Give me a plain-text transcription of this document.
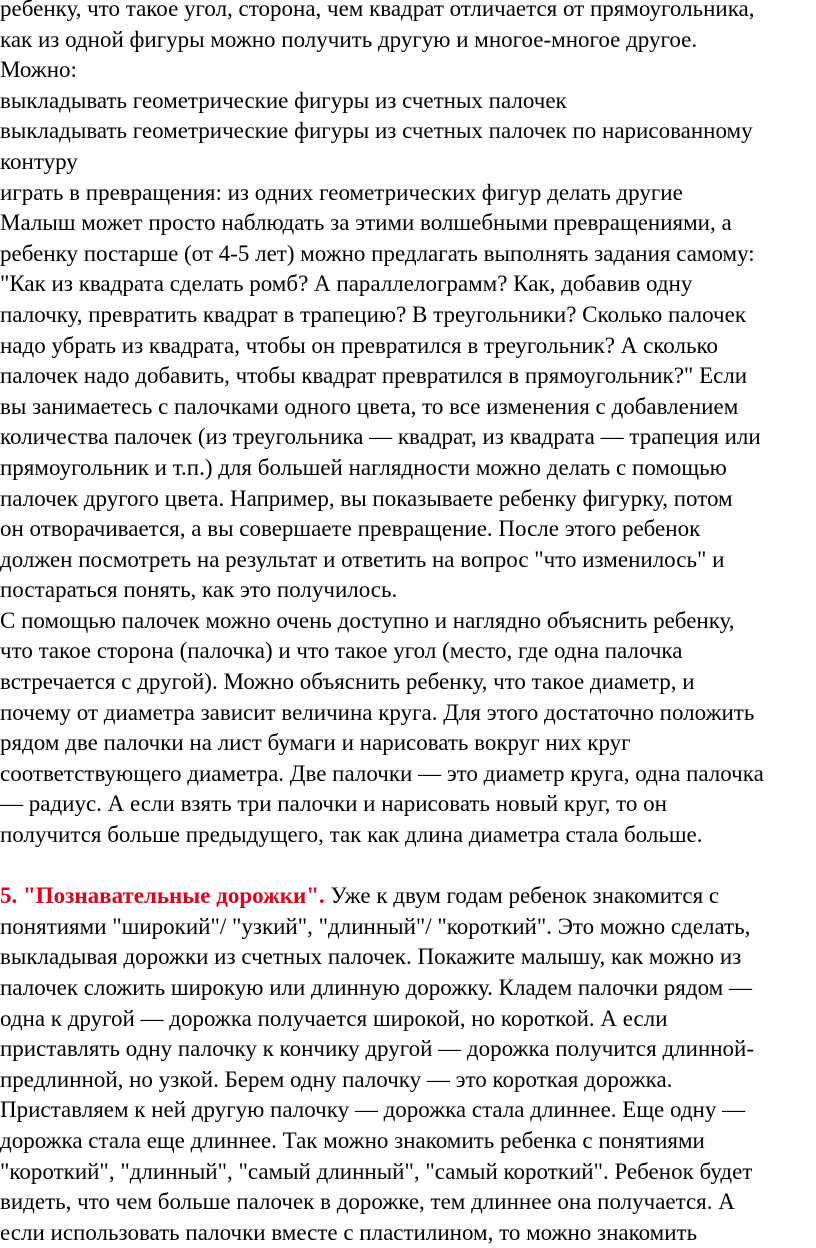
ребенку, что такое угол, сторона, чем квадрат отличается от прямоугольника,
как из одной фигуры можно получить другую и многое-многое другое.
Можно:
выкладывать геометрические фигуры из счетных палочек
выкладывать геометрические фигуры из счетных палочек по нарисованному
контуру
играть в превращения: из одних геометрических фигур делать другие
Малыш может просто наблюдать за этими волшебными превращениями, а
ребенку постарше (от 4-5 лет) можно предлагать выполнять задания самому:
"Как из квадрата сделать ромб? А параллелограмм? Как, добавив одну
палочку, превратить квадрат в трапецию? В треугольники? Сколько палочек
надо убрать из квадрата, чтобы он превратился в треугольник? А сколько
палочек надо добавить, чтобы квадрат превратился в прямоугольник?" Если
вы занимаетесь с палочками одного цвета, то все изменения с добавлением
количества палочек (из треугольника — квадрат, из квадрата — трапеция или
прямоугольник и т.п.) для большей наглядности можно делать с помощью
палочек другого цвета. Например, вы показываете ребенку фигурку, потом
он отворачивается, а вы совершаете превращение. После этого ребенок
должен посмотреть на результат и ответить на вопрос "что изменилось" и
постараться понять, как это получилось.
С помощью палочек можно очень доступно и наглядно объяснить ребенку,
что такое сторона (палочка) и что такое угол (место, где одна палочка
встречается с другой). Можно объяснить ребенку, что такое диаметр, и
почему от диаметра зависит величина круга. Для этого достаточно положить
рядом две палочки на лист бумаги и нарисовать вокруг них круг
соответствующего диаметра. Две палочки — это диаметр круга, одна палочка
— радиус. А если взять три палочки и нарисовать новый круг, то он
получится больше предыдущего, так как длина диаметра стала больше.
5. "Познавательные дорожки". Уже к двум годам ребенок знакомится с
понятиями "широкий"/ "узкий", "длинный"/ "короткий". Это можно сделать,
выкладывая дорожки из счетных палочек. Покажите малышу, как можно из
палочек сложить широкую или длинную дорожку. Кладем палочки рядом —
одна к другой — дорожка получается широкой, но короткой. А если
приставлять одну палочку к кончику другой — дорожка получится длинной-
предлинной, но узкой. Берем одну палочку — это короткая дорожка.
Приставляем к ней другую палочку — дорожка стала длиннее. Еще одну —
дорожка стала еще длиннее. Так можно знакомить ребенка с понятиями
"короткий", "длинный", "самый длинный", "самый короткий". Ребенок будет
видеть, что чем больше палочек в дорожке, тем длиннее она получается. А
если использовать палочки вместе с пластилином, то можно знакомить
